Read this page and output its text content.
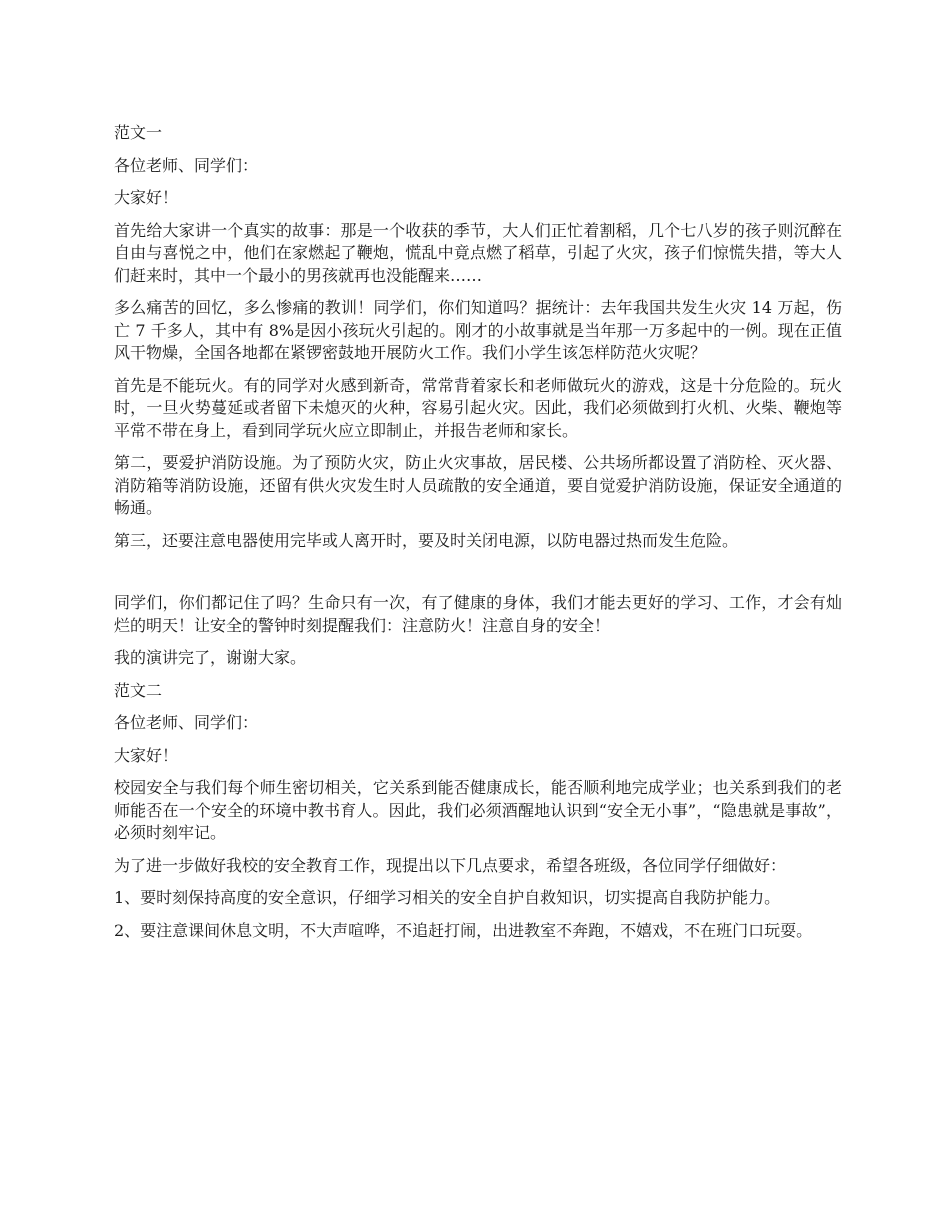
范文一

各位老师、同学们：

大家好！

首先给大家讲一个真实的故事：那是一个收获的季节，大人们正忙着割稻，几个七八岁的孩子则沉醉在自由与喜悦之中，他们在家燃起了鞭炮，慌乱中竟点燃了稻草，引起了火灾，孩子们惊慌失措，等大人们赶来时，其中一个最小的男孩就再也没能醒来……

多么痛苦的回忆，多么惨痛的教训！同学们，你们知道吗？据统计：去年我国共发生火灾 14 万起，伤亡 7 千多人，其中有 8%是因小孩玩火引起的。刚才的小故事就是当年那一万多起中的一例。现在正值风干物燥，全国各地都在紧锣密鼓地开展防火工作。我们小学生该怎样防范火灾呢？

首先是不能玩火。有的同学对火感到新奇，常常背着家长和老师做玩火的游戏，这是十分危险的。玩火时，一旦火势蔓延或者留下未熄灭的火种，容易引起火灾。因此，我们必须做到打火机、火柴、鞭炮等平常不带在身上，看到同学玩火应立即制止，并报告老师和家长。

第二，要爱护消防设施。为了预防火灾，防止火灾事故，居民楼、公共场所都设置了消防栓、灭火器、消防箱等消防设施，还留有供火灾发生时人员疏散的安全通道，要自觉爱护消防设施，保证安全通道的畅通。

第三，还要注意电器使用完毕或人离开时，要及时关闭电源，以防电器过热而发生危险。

同学们，你们都记住了吗？生命只有一次，有了健康的身体，我们才能去更好的学习、工作，才会有灿烂的明天！让安全的警钟时刻提醒我们：注意防火！注意自身的安全！

我的演讲完了，谢谢大家。

范文二

各位老师、同学们：

大家好！

校园安全与我们每个师生密切相关，它关系到能否健康成长，能否顺利地完成学业；也关系到我们的老师能否在一个安全的环境中教书育人。因此，我们必须酒醒地认识到“安全无小事”，“隐患就是事故”，必须时刻牢记。

为了进一步做好我校的安全教育工作，现提出以下几点要求，希望各班级，各位同学仔细做好：

1、要时刻保持高度的安全意识，仔细学习相关的安全自护自救知识，切实提高自我防护能力。

2、要注意课间休息文明，不大声喧哗，不追赶打闹，出进教室不奔跑，不嬉戏，不在班门口玩耍。
